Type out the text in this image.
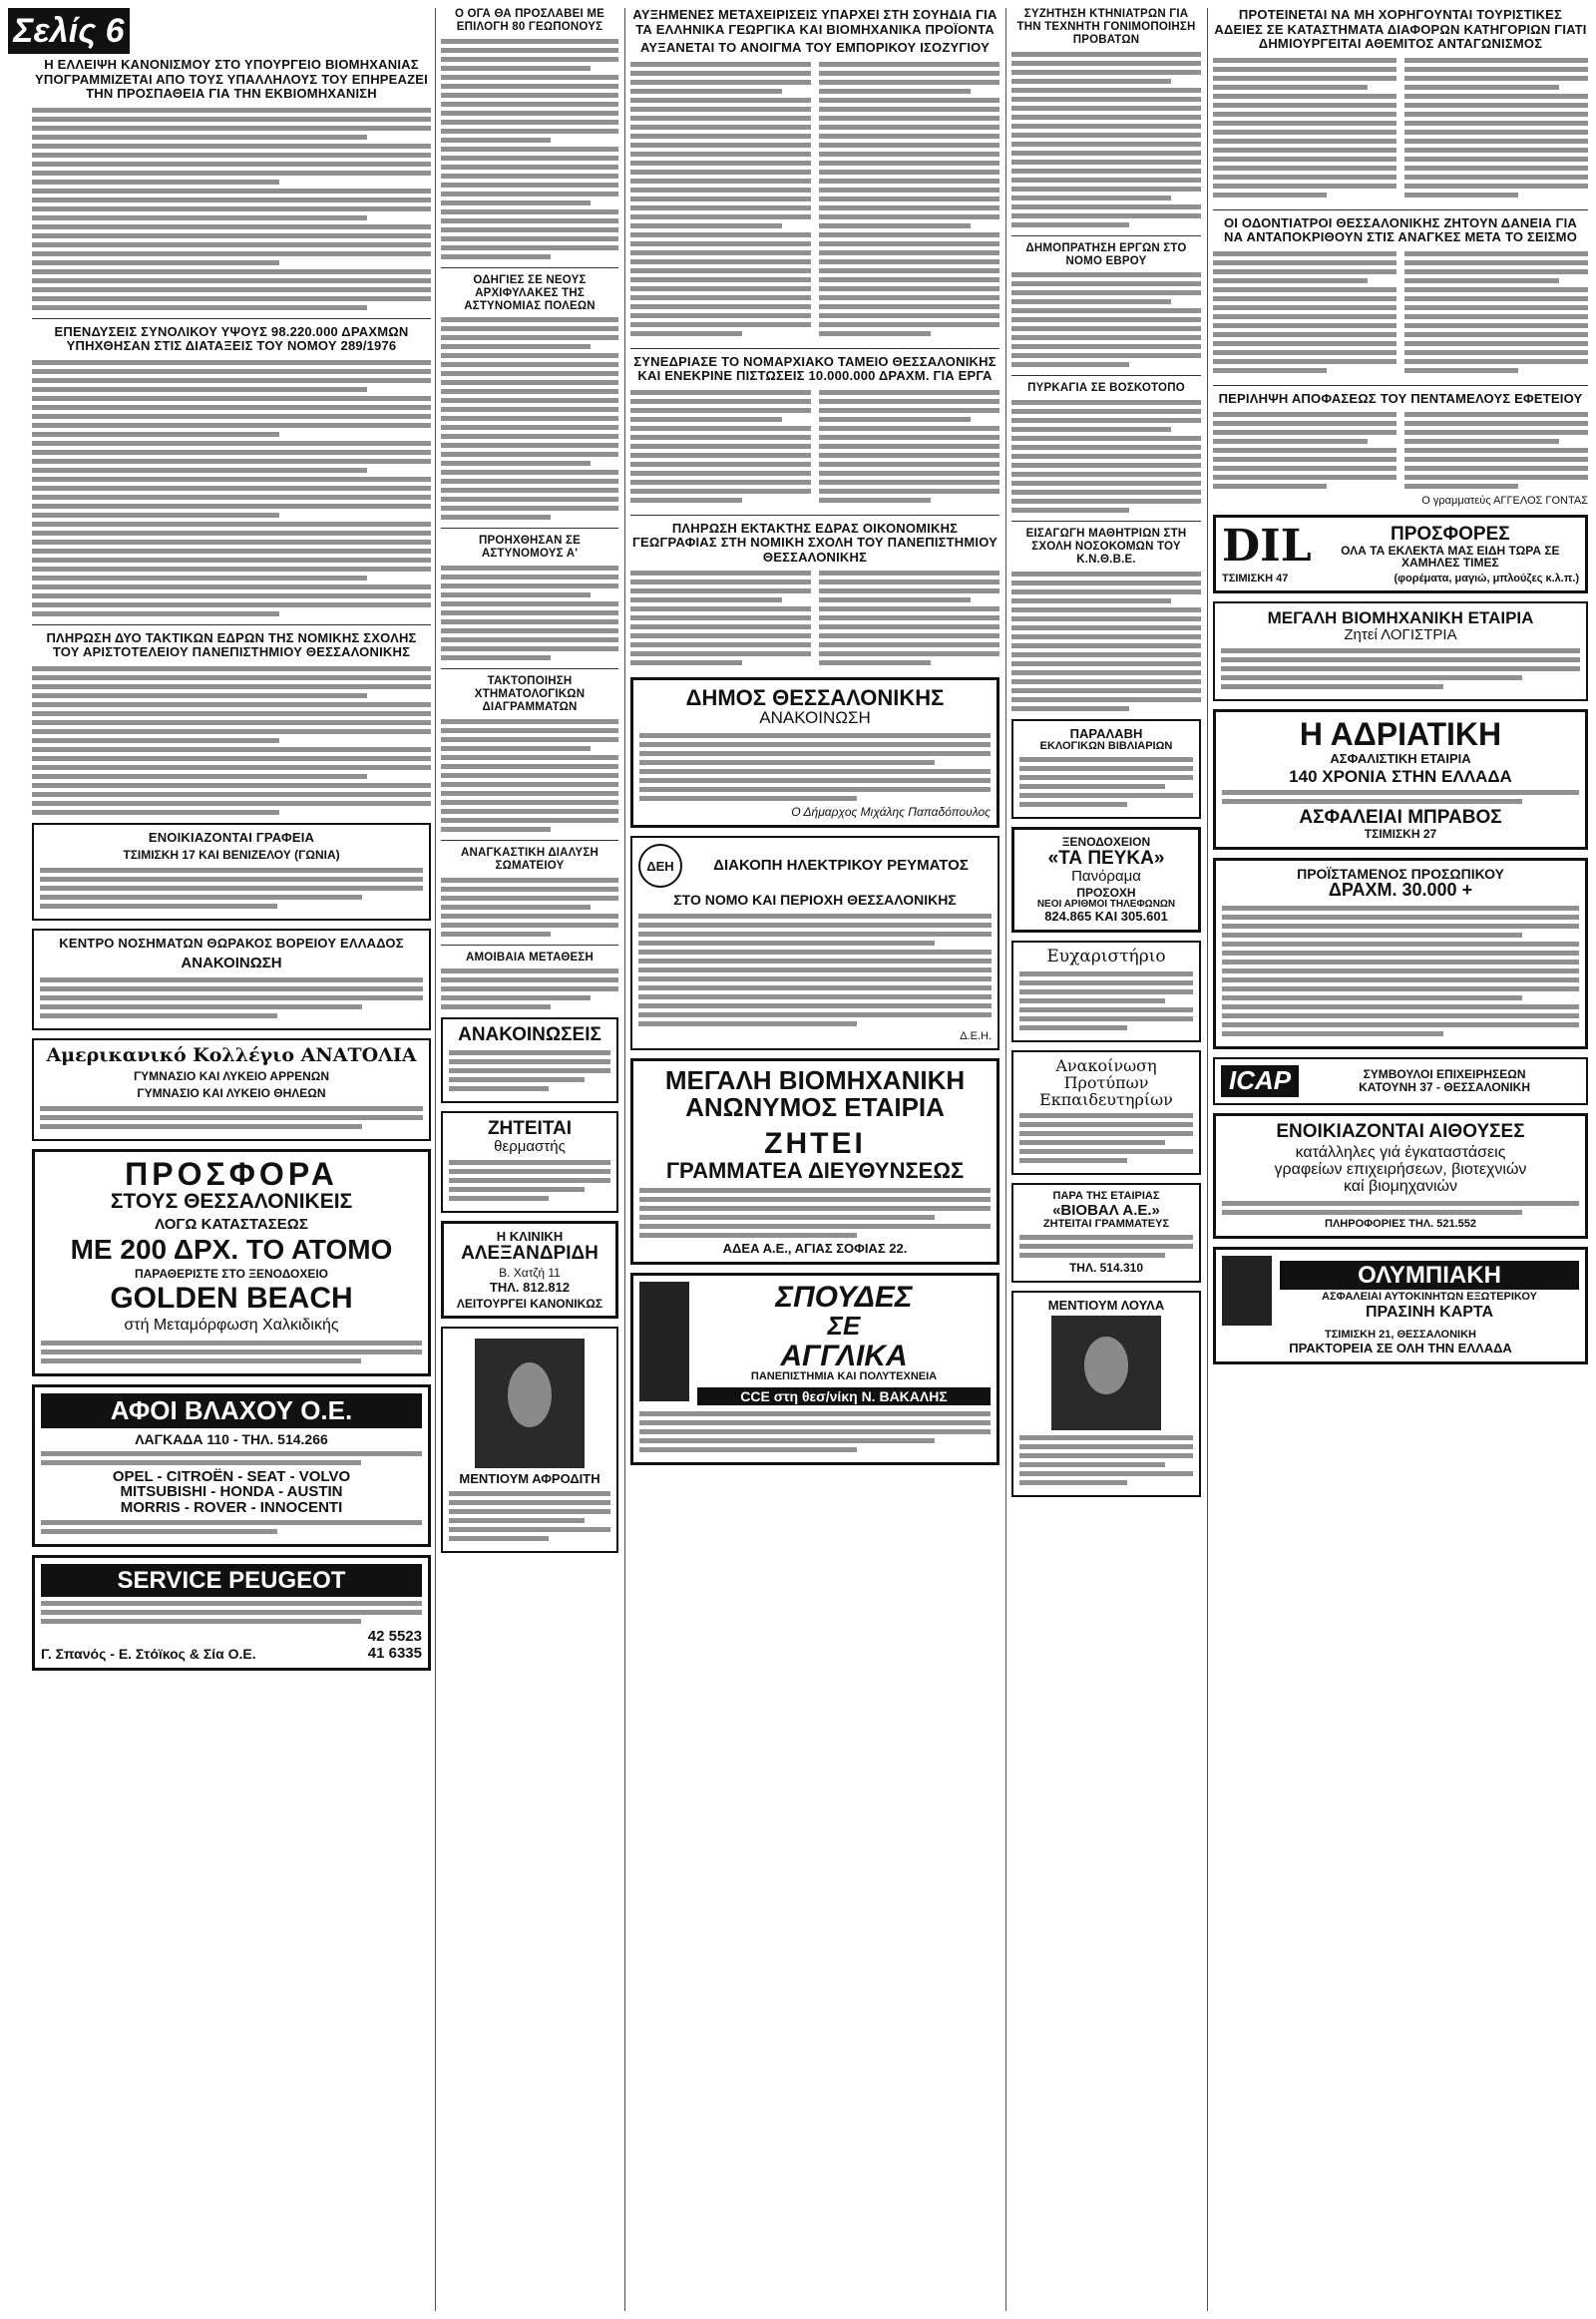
Σελίς 6
Η ΕΛΛΕΙΨΗ ΚΑΝΟΝΙΣΜΟΥ ΣΤΟ ΥΠΟΥΡΓΕΙΟ ΒΙΟΜΗΧΑΝΙΑΣ ΥΠΟΓΡΑΜΜΙΖΕΤΑΙ ΑΠΟ ΤΟΥΣ ΥΠΑΛΛΗΛΟΥΣ ΤΟΥ ΕΠΗΡΕΑΖΕΙ ΤΗΝ ΠΡΟΣΠΑΘΕΙΑ ΓΙΑ ΤΗΝ ΕΚΒΙΟΜΗΧΑΝΙΣΗ
ΕΠΕΝΔΥΣΕΙΣ ΣΥΝΟΛΙΚΟΥ ΥΨΟΥΣ 98.220.000 ΔΡΑΧΜΩΝ ΥΠΗΧΘΗΣΑΝ ΣΤΙΣ ΔΙΑΤΑΞΕΙΣ ΤΟΥ ΝΟΜΟΥ 289/1976
ΠΛΗΡΩΣΗ ΔΥΟ ΤΑΚΤΙΚΩΝ ΕΔΡΩΝ ΤΗΣ ΝΟΜΙΚΗΣ ΣΧΟΛΗΣ ΤΟΥ ΑΡΙΣΤΟΤΕΛΕΙΟΥ ΠΑΝΕΠΙΣΤΗΜΙΟΥ ΘΕΣΣΑΛΟΝΙΚΗΣ
ΕΝΟΙΚΙΑΖΟΝΤΑΙ ΓΡΑΦΕΙΑ
ΤΣΙΜΙΣΚΗ 17 ΚΑΙ ΒΕΝΙΖΕΛΟΥ (ΓΩΝΙΑ)
ΚΕΝΤΡΟ ΝΟΣΗΜΑΤΩΝ ΘΩΡΑΚΟΣ ΒΟΡΕΙΟΥ ΕΛΛΑΔΟΣ
ΑΝΑΚΟΙΝΩΣΗ
Αμερικανικό Κολλέγιο ΑΝΑΤΟΛΙΑ
ΓΥΜΝΑΣΙΟ ΚΑΙ ΛΥΚΕΙΟ ΑΡΡΕΝΩΝ
ΓΥΜΝΑΣΙΟ ΚΑΙ ΛΥΚΕΙΟ ΘΗΛΕΩΝ
ΠΡΟΣΦΟΡΑ
ΣΤΟΥΣ ΘΕΣΣΑΛΟΝΙΚΕΙΣ
ΛΟΓΩ ΚΑΤΑΣΤΑΣΕΩΣ
ΜΕ 200 ΔΡΧ. ΤΟ ΑΤΟΜΟ
ΠΑΡΑΘΕΡΙΣΤΕ ΣΤΟ ΞΕΝΟΔΟΧΕΙΟ
GOLDEN BEACH
στή Μεταμόρφωση Χαλκιδικής
ΑΦΟΙ ΒΛΑΧΟΥ Ο.Ε.
ΛΑΓΚΑΔΑ 110 - ΤΗΛ. 514.266
OPEL - CITROËN - SEAT - VOLVO
MITSUBISHI - HONDA - AUSTIN
MORRIS - ROVER - INNOCENTI
SERVICE PEUGEOT
Γ. Σπανός - Ε. Στόϊκος & Σία Ο.Ε.
42 5523
41 6335
Ο ΟΓΑ ΘΑ ΠΡΟΣΛΑΒΕΙ ΜΕ ΕΠΙΛΟΓΗ 80 ΓΕΩΠΟΝΟΥΣ
ΟΔΗΓΙΕΣ ΣΕ ΝΕΟΥΣ ΑΡΧΙΦΥΛΑΚΕΣ ΤΗΣ ΑΣΤΥΝΟΜΙΑΣ ΠΟΛΕΩΝ
ΠΡΟΗΧΘΗΣΑΝ ΣΕ ΑΣΤΥΝΟΜΟΥΣ Α'
ΤΑΚΤΟΠΟΙΗΣΗ ΧΤΗΜΑΤΟΛΟΓΙΚΩΝ ΔΙΑΓΡΑΜΜΑΤΩΝ
ΑΝΑΓΚΑΣΤΙΚΗ ΔΙΑΛΥΣΗ ΣΩΜΑΤΕΙΟΥ
ΑΜΟΙΒΑΙΑ ΜΕΤΑΘΕΣΗ
ΑΝΑΚΟΙΝΩΣΕΙΣ
ΖΗΤΕΙΤΑΙ
θερμαστής
Η ΚΛΙΝΙΚΗ
ΑΛΕΞΑΝΔΡΙΔΗ
Β. Χατζή 11
ΤΗΛ. 812.812
ΛΕΙΤΟΥΡΓΕΙ ΚΑΝΟΝΙΚΩΣ
ΜΕΝΤΙΟΥΜ ΑΦΡΟΔΙΤΗ
ΑΥΞΗΜΕΝΕΣ ΜΕΤΑΧΕΙΡΙΣΕΙΣ ΥΠΑΡΧΕΙ ΣΤΗ ΣΟΥΗΔΙΑ ΓΙΑ ΤΑ ΕΛΛΗΝΙΚΑ ΓΕΩΡΓΙΚΑ ΚΑΙ ΒΙΟΜΗΧΑΝΙΚΑ ΠΡΟΪΟΝΤΑ
ΑΥΞΑΝΕΤΑΙ ΤΟ ΑΝΟΙΓΜΑ ΤΟΥ ΕΜΠΟΡΙΚΟΥ ΙΣΟΖΥΓΙΟΥ
ΣΥΝΕΔΡΙΑΣΕ ΤΟ ΝΟΜΑΡΧΙΑΚΟ ΤΑΜΕΙΟ ΘΕΣΣΑΛΟΝΙΚΗΣ ΚΑΙ ΕΝΕΚΡΙΝΕ ΠΙΣΤΩΣΕΙΣ 10.000.000 ΔΡΑΧΜ. ΓΙΑ ΕΡΓΑ
ΠΛΗΡΩΣΗ ΕΚΤΑΚΤΗΣ ΕΔΡΑΣ ΟΙΚΟΝΟΜΙΚΗΣ ΓΕΩΓΡΑΦΙΑΣ ΣΤΗ ΝΟΜΙΚΗ ΣΧΟΛΗ ΤΟΥ ΠΑΝΕΠΙΣΤΗΜΙΟΥ ΘΕΣΣΑΛΟΝΙΚΗΣ
ΔΗΜΟΣ ΘΕΣΣΑΛΟΝΙΚΗΣ
ΑΝΑΚΟΙΝΩΣΗ
Ο Δήμαρχος Μιχάλης Παπαδόπουλος
ΔΕΗ	ΔΙΑΚΟΠΗ ΗΛΕΚΤΡΙΚΟΥ ΡΕΥΜΑΤΟΣ
ΣΤΟ ΝΟΜΟ ΚΑΙ ΠΕΡΙΟΧΗ ΘΕΣΣΑΛΟΝΙΚΗΣ
Δ.Ε.Η.
ΜΕΓΑΛΗ ΒΙΟΜΗΧΑΝΙΚΗ
ΑΝΩΝΥΜΟΣ ΕΤΑΙΡΙΑ
ΖΗΤΕΙ
ΓΡΑΜΜΑΤΕΑ ΔΙΕΥΘΥΝΣΕΩΣ
ΑΔΕΑ Α.Ε., ΑΓΙΑΣ ΣΟΦΙΑΣ 22.
ΣΠΟΥΔΕΣ
ΣΕ
ΑΓΓΛΙΚΑ
ΠΑΝΕΠΙΣΤΗΜΙΑ ΚΑΙ ΠΟΛΥΤΕΧΝΕΙΑ
CCE στη θεσ/νίκη Ν. ΒΑΚΑΛΗΣ
ΣΥΖΗΤΗΣΗ ΚΤΗΝΙΑΤΡΩΝ ΓΙΑ ΤΗΝ ΤΕΧΝΗΤΗ ΓΟΝΙΜΟΠΟΙΗΣΗ ΠΡΟΒΑΤΩΝ
ΔΗΜΟΠΡΑΤΗΣΗ ΕΡΓΩΝ ΣΤΟ ΝΟΜΟ ΕΒΡΟΥ
ΠΥΡΚΑΓΙΑ ΣΕ ΒΟΣΚΟΤΟΠΟ
ΕΙΣΑΓΩΓΗ ΜΑΘΗΤΡΙΩΝ ΣΤΗ ΣΧΟΛΗ ΝΟΣΟΚΟΜΩΝ ΤΟΥ Κ.Ν.Θ.Β.Ε.
ΠΑΡΑΛΑΒΗ
ΕΚΛΟΓΙΚΩΝ ΒΙΒΛΙΑΡΙΩΝ
ΞΕΝΟΔΟΧΕΙΟΝ
«ΤΑ ΠΕΥΚΑ»
Πανόραμα
ΠΡΟΣΟΧΗ
ΝΕΟΙ ΑΡΙΘΜΟΙ ΤΗΛΕΦΩΝΩΝ
824.865 ΚΑΙ 305.601
Ευχαριστήριο
Ανακοίνωση Προτύπων Εκπαιδευτηρίων
ΠΑΡΑ ΤΗΣ ΕΤΑΙΡΙΑΣ
«ΒΙΟΒΑΛ Α.Ε.»
ΖΗΤΕΙΤΑΙ ΓΡΑΜΜΑΤΕΥΣ
ΤΗΛ. 514.310
ΜΕΝΤΙΟΥΜ ΛΟΥΛΑ
ΠΡΟΤΕΙΝΕΤΑΙ ΝΑ ΜΗ ΧΟΡΗΓΟΥΝΤΑΙ ΤΟΥΡΙΣΤΙΚΕΣ ΑΔΕΙΕΣ ΣΕ ΚΑΤΑΣΤΗΜΑΤΑ ΔΙΑΦΟΡΩΝ ΚΑΤΗΓΟΡΙΩΝ ΓΙΑΤΙ ΔΗΜΙΟΥΡΓΕΙΤΑΙ ΑΘΕΜΙΤΟΣ ΑΝΤΑΓΩΝΙΣΜΟΣ
ΟΙ ΟΔΟΝΤΙΑΤΡΟΙ ΘΕΣΣΑΛΟΝΙΚΗΣ ΖΗΤΟΥΝ ΔΑΝΕΙΑ ΓΙΑ ΝΑ ΑΝΤΑΠΟΚΡΙΘΟΥΝ ΣΤΙΣ ΑΝΑΓΚΕΣ ΜΕΤΑ ΤΟ ΣΕΙΣΜΟ
ΠΕΡΙΛΗΨΗ ΑΠΟΦΑΣΕΩΣ ΤΟΥ ΠΕΝΤΑΜΕΛΟΥΣ ΕΦΕΤΕΙΟΥ
Ο γραμματεύς ΑΓΓΕΛΟΣ ΓΟΝΤΑΣ
DIL	ΠΡΟΣΦΟΡΕΣ
ΟΛΑ ΤΑ ΕΚΛΕΚΤΑ ΜΑΣ ΕΙΔΗ ΤΩΡΑ ΣΕ ΧΑΜΗΛΕΣ ΤΙΜΕΣ
ΤΣΙΜΙΣΚΗ 47	(φορέματα, μαγιώ, μπλούζες κ.λ.π.)
ΜΕΓΑΛΗ ΒΙΟΜΗΧΑΝΙΚΗ ΕΤΑΙΡΙΑ
Ζητεί ΛΟΓΙΣΤΡΙΑ
Η ΑΔΡΙΑΤΙΚΗ
ΑΣΦΑΛΙΣΤΙΚΗ ΕΤΑΙΡΙΑ
140 ΧΡΟΝΙΑ ΣΤΗΝ ΕΛΛΑΔΑ
ΑΣΦΑΛΕΙΑΙ ΜΠΡΑΒΟΣ
ΤΣΙΜΙΣΚΗ 27
ΠΡΟΪΣΤΑΜΕΝΟΣ ΠΡΟΣΩΠΙΚΟΥ
ΔΡΑΧΜ. 30.000 +
ICAP	ΣΥΜΒΟΥΛΟΙ ΕΠΙΧΕΙΡΗΣΕΩΝ
ΚΑΤΟΥΝΗ 37 - ΘΕΣΣΑΛΟΝΙΚΗ
ΕΝΟΙΚΙΑΖΟΝΤΑΙ ΑΙΘΟΥΣΕΣ
κατάλληλες γιά έγκαταστάσεις
γραφείων επιχειρήσεων, βιοτεχνιών
καί βιομηχανιών
ΠΛΗΡΟΦΟΡΙΕΣ ΤΗΛ. 521.552
ΟΛΥΜΠΙΑΚΗ
ΑΣΦΑΛΕΙΑΙ ΑΥΤΟΚΙΝΗΤΩΝ ΕΞΩΤΕΡΙΚΟΥ
ΠΡΑΣΙΝΗ ΚΑΡΤΑ
ΤΣΙΜΙΣΚΗ 21, ΘΕΣΣΑΛΟΝΙΚΗ
ΠΡΑΚΤΟΡΕΙΑ ΣΕ ΟΛΗ ΤΗΝ ΕΛΛΑΔΑ
